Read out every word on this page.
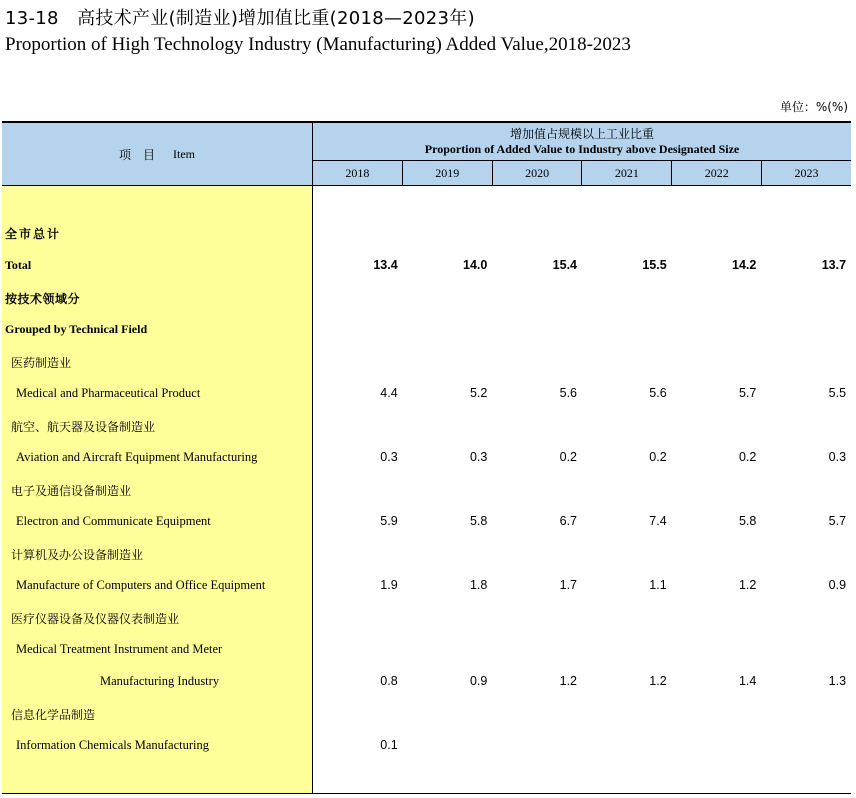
13-18　高技术产业(制造业)增加值比重(2018—2023年)
Proportion of High Technology Industry (Manufacturing) Added Value,2018-2023
单位：%(%)
项　目 Item
增加值占规模以上工业比重
Proportion of Added Value to Industry above Designated Size
2018	2019	2020	2021	2022	2023
全市总计
Total	13.4	14.0	15.4	15.5	14.2	13.7
按技术领域分
Grouped by Technical Field
医药制造业
Medical and Pharmaceutical Product	4.4	5.2	5.6	5.6	5.7	5.5
航空、航天器及设备制造业
Aviation and Aircraft Equipment Manufacturing	0.3	0.3	0.2	0.2	0.2	0.3
电子及通信设备制造业
Electron and Communicate Equipment	5.9	5.8	6.7	7.4	5.8	5.7
计算机及办公设备制造业
Manufacture of Computers and Office Equipment	1.9	1.8	1.7	1.1	1.2	0.9
医疗仪器设备及仪器仪表制造业
Medical Treatment Instrument and Meter
Manufacturing Industry	0.8	0.9	1.2	1.2	1.4	1.3
信息化学品制造
Information Chemicals Manufacturing	0.1
